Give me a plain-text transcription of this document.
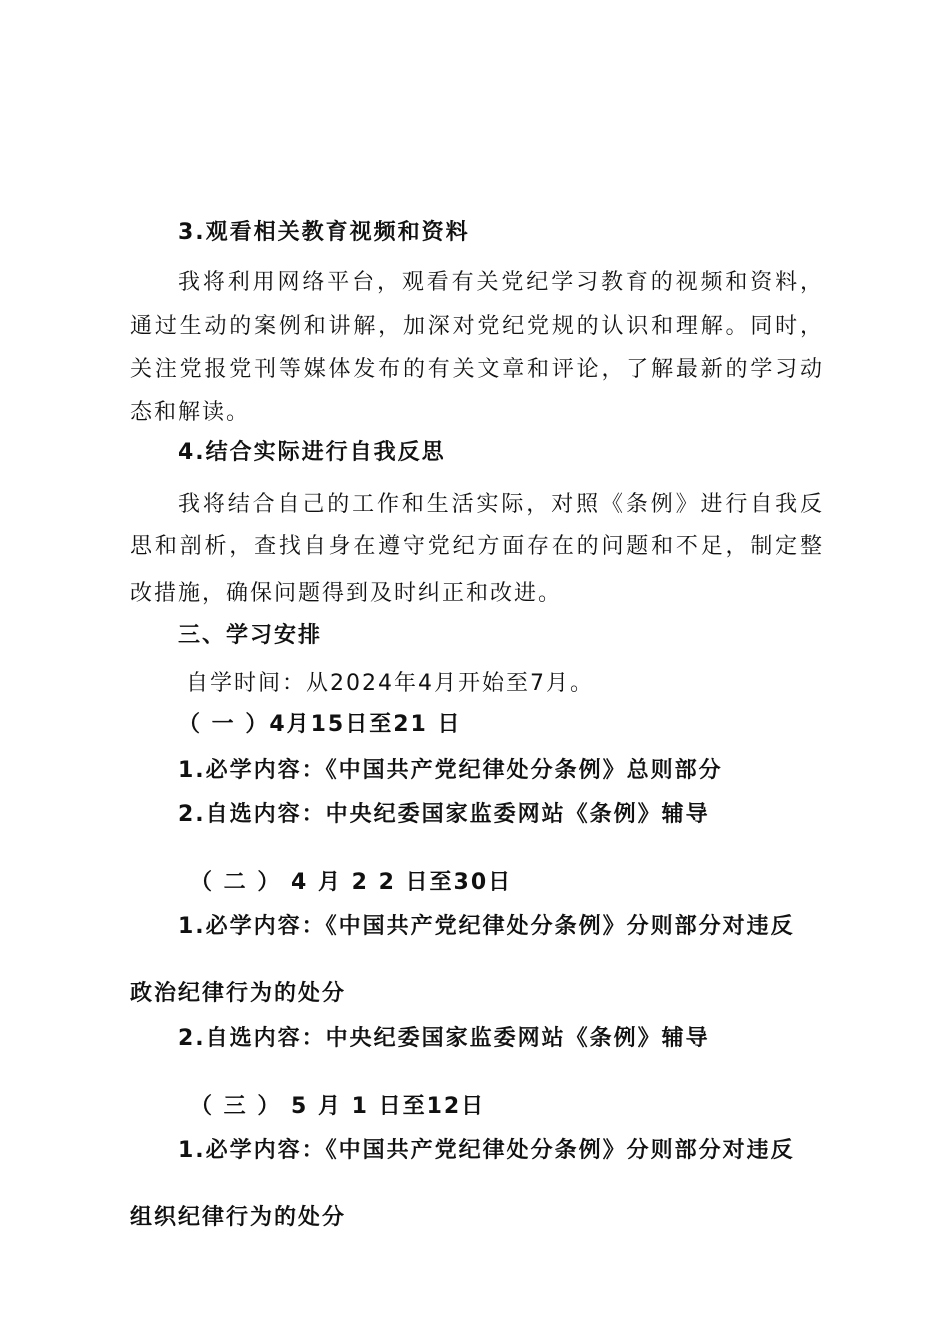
3.观看相关教育视频和资料
我将利用网络平台，观看有关党纪学习教育的视频和资料，
通过生动的案例和讲解，加深对党纪党规的认识和理解。同时，
关注党报党刊等媒体发布的有关文章和评论，了解最新的学习动
态和解读。
4.结合实际进行自我反思
我将结合自己的工作和生活实际，对照《条例》进行自我反
思和剖析，查找自身在遵守党纪方面存在的问题和不足，制定整
改措施，确保问题得到及时纠正和改进。
三、学习安排
自学时间：从2024年4月开始至7月。
（ 一 ）4月15日至21 日
1.必学内容：《中国共产党纪律处分条例》总则部分
2.自选内容：中央纪委国家监委网站《条例》辅导
（ 二 ） 4 月 2 2 日至30日
1.必学内容：《中国共产党纪律处分条例》分则部分对违反
政治纪律行为的处分
2.自选内容：中央纪委国家监委网站《条例》辅导
（ 三 ） 5 月 1 日至12日
1.必学内容：《中国共产党纪律处分条例》分则部分对违反
组织纪律行为的处分
